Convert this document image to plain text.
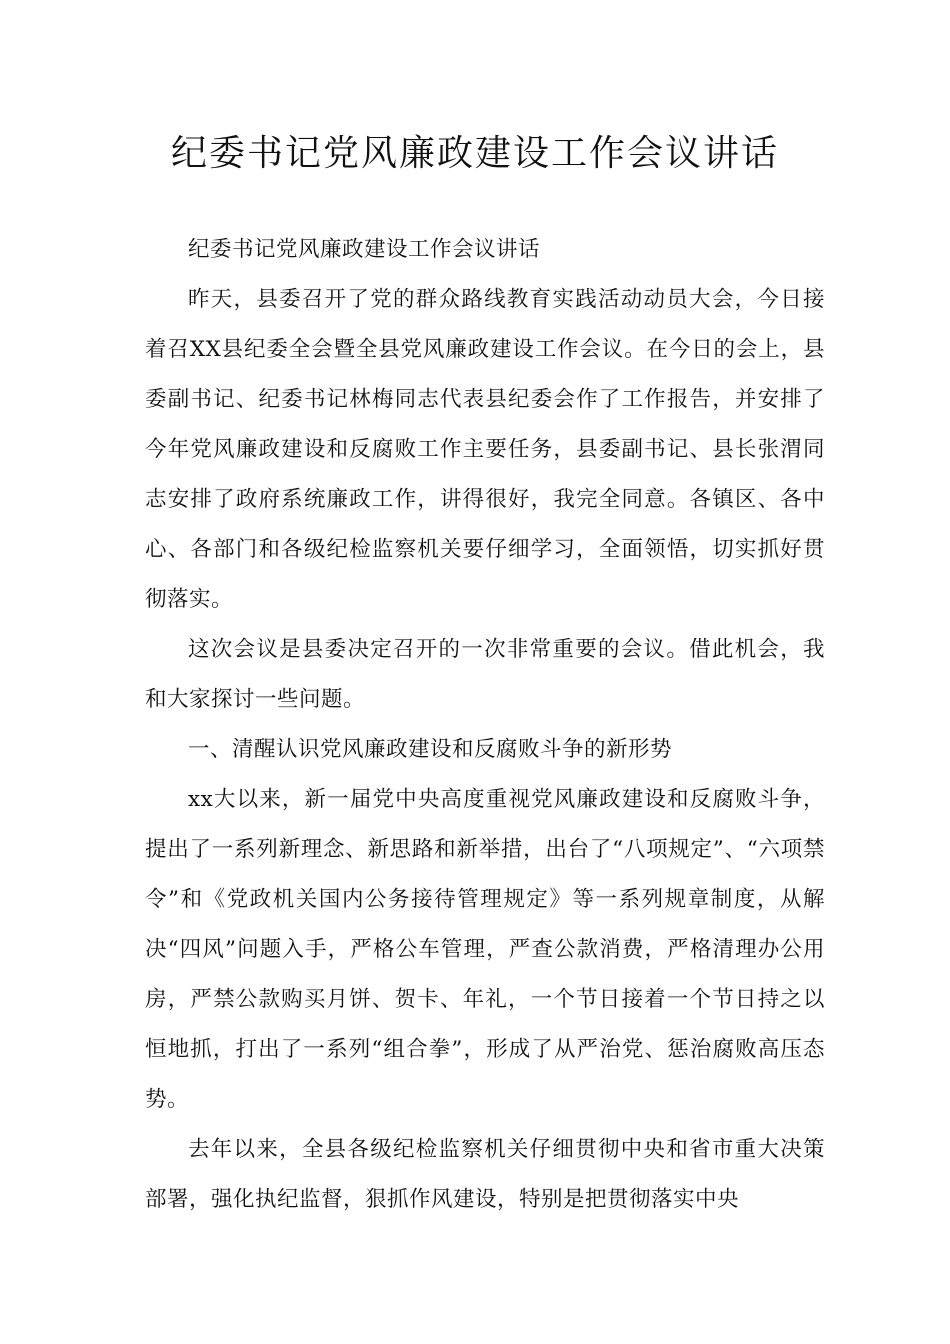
纪委书记党风廉政建设工作会议讲话

纪委书记党风廉政建设工作会议讲话

昨天，县委召开了党的群众路线教育实践活动动员大会，今日接着召XX县纪委全会暨全县党风廉政建设工作会议。在今日的会上，县委副书记、纪委书记林梅同志代表县纪委会作了工作报告，并安排了今年党风廉政建设和反腐败工作主要任务，县委副书记、县长张渭同志安排了政府系统廉政工作，讲得很好，我完全同意。各镇区、各中心、各部门和各级纪检监察机关要仔细学习，全面领悟，切实抓好贯彻落实。

这次会议是县委决定召开的一次非常重要的会议。借此机会，我和大家探讨一些问题。

一、清醒认识党风廉政建设和反腐败斗争的新形势

xx大以来，新一届党中央高度重视党风廉政建设和反腐败斗争，提出了一系列新理念、新思路和新举措，出台了“八项规定”、“六项禁令”和《党政机关国内公务接待管理规定》等一系列规章制度，从解决“四风”问题入手，严格公车管理，严查公款消费，严格清理办公用房，严禁公款购买月饼、贺卡、年礼，一个节日接着一个节日持之以恒地抓，打出了一系列“组合拳”，形成了从严治党、惩治腐败高压态势。

去年以来，全县各级纪检监察机关仔细贯彻中央和省市重大决策部署，强化执纪监督，狠抓作风建设，特别是把贯彻落实中央
